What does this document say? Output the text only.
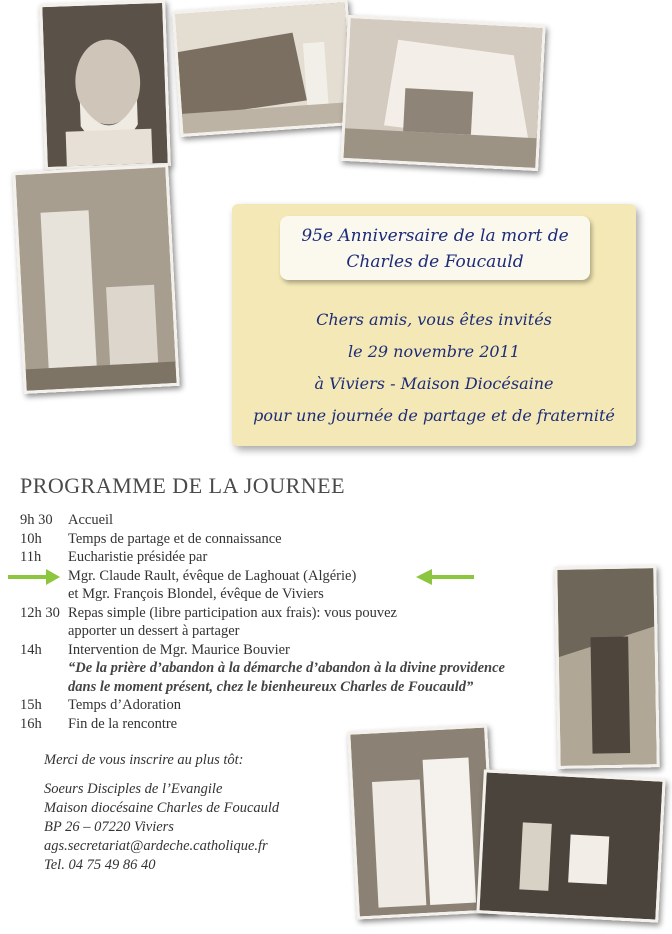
95e Anniversaire de la mort de
Charles de Foucauld
Chers amis, vous êtes invités
le 29 novembre 2011
à Viviers - Maison Diocésaine
pour une journée de partage et de fraternité
PROGRAMME DE LA JOURNEE
9h 30	Accueil
10h	Temps de partage et de connaissance
11h	Eucharistie présidée par
Mgr. Claude Rault, évêque de Laghouat (Algérie)
et Mgr. François Blondel, évêque de Viviers
12h 30 Repas simple (libre participation aux frais): vous pouvez
apporter un dessert à partager
14h	Intervention de Mgr. Maurice Bouvier
“De la prière d’abandon à la démarche d’abandon à la divine providence
dans le moment présent, chez le bienheureux Charles de Foucauld”
15h	Temps d’Adoration
16h	Fin de la rencontre
Merci de vous inscrire au plus tôt:
Soeurs Disciples de l’Evangile
Maison diocésaine Charles de Foucauld
BP 26 – 07220 Viviers
ags.secretariat@ardeche.catholique.fr
Tel. 04 75 49 86 40
